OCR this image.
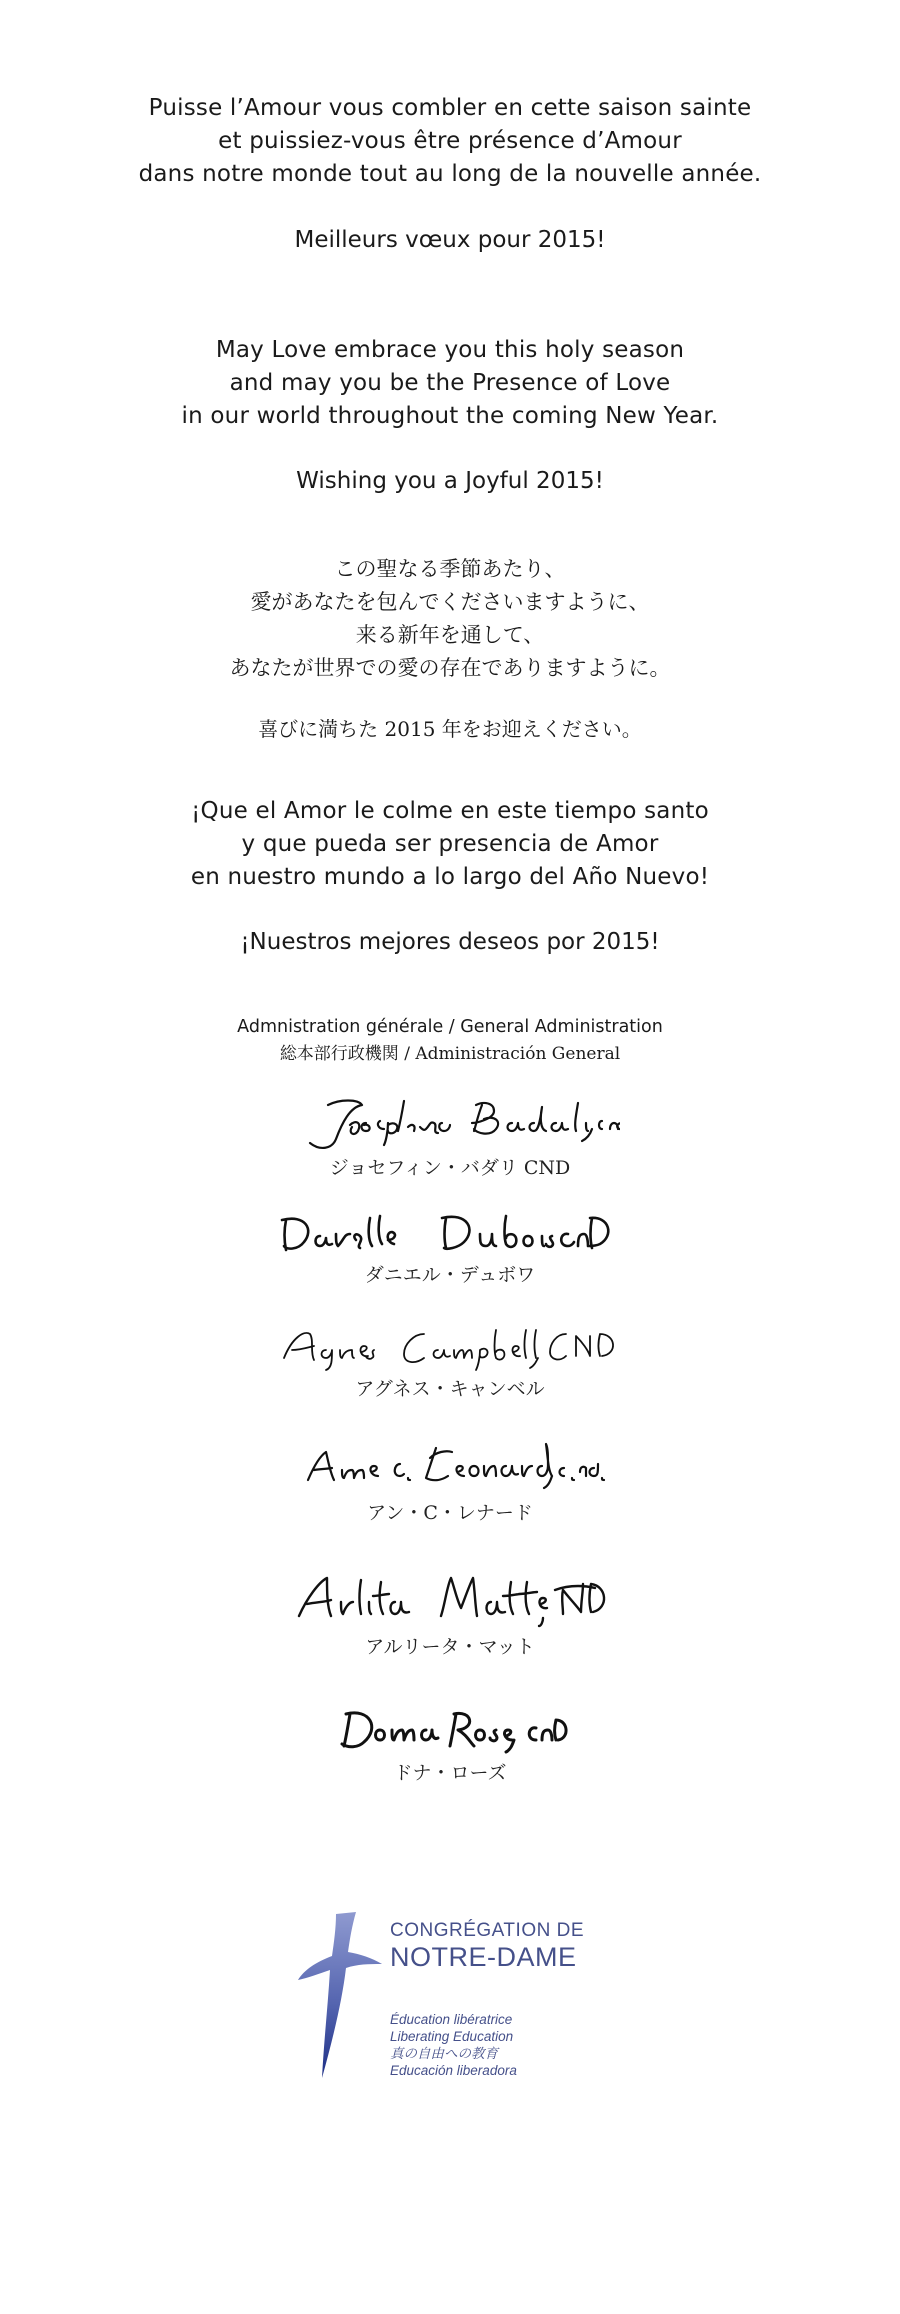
Puisse l’Amour vous combler en cette saison sainte
et puissiez-vous être présence d’Amour
dans notre monde tout au long de la nouvelle année.
Meilleurs vœux pour 2015!
May Love embrace you this holy season
and may you be the Presence of Love
in our world throughout the coming New Year.
Wishing you a Joyful 2015!
この聖なる季節あたり、
愛があなたを包んでくださいますように、
来る新年を通して、
あなたが世界での愛の存在でありますように。
喜びに満ちた 2015 年をお迎えください。
¡Que el Amor le colme en este tiempo santo
y que pueda ser presencia de Amor
en nuestro mundo a lo largo del Año Nuevo!
¡Nuestros mejores deseos por 2015!
Admnistration générale / General Administration
総本部行政機関 / Administración General
ジョセフィン・バダリ CND
ダニエル・デュボワ
アグネス・キャンベル
アン・C・レナード
アルリータ・マット
ドナ・ローズ
CONGRÉGATION DE
NOTRE-DAME
Éducation libératrice
Liberating Education
真の自由への教育
Educación liberadora
